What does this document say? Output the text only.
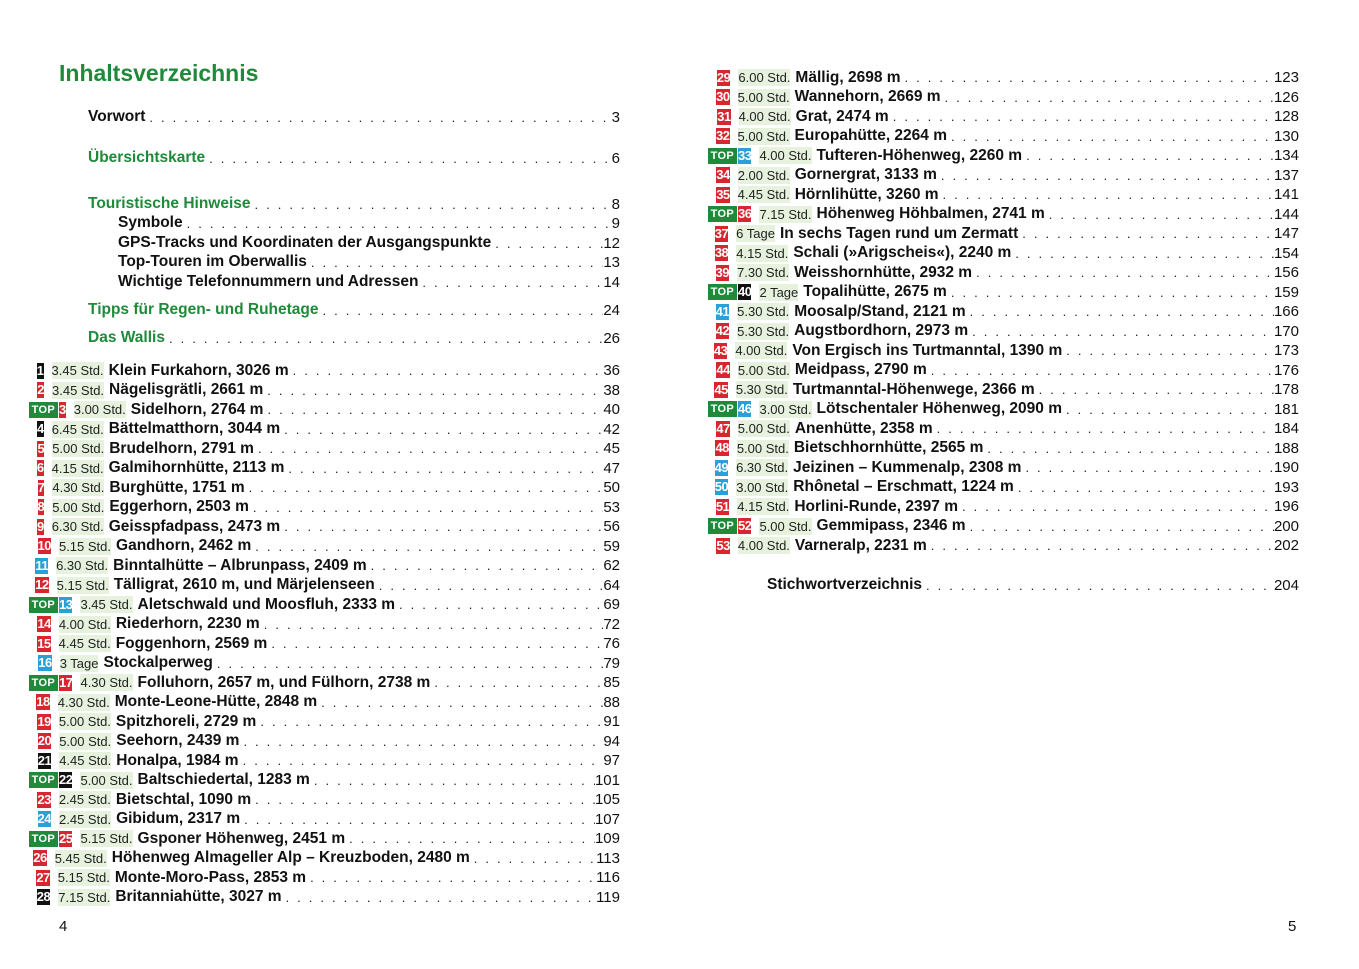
Inhaltsverzeichnis
Vorwort . . .	3
Übersichtskarte . . .	6
Touristische Hinweise . . .	8
Symbole . . .	9
GPS-Tracks und Koordinaten der Ausgangspunkte . . .	12
Top-Touren im Oberwallis . . .	13
Wichtige Telefonnummern und Adressen . . .	14
Tipps für Regen- und Ruhetage . . .	24
Das Wallis . . .	26
1 3.45 Std. Klein Furkahorn, 3026 m . . .	36
2 3.45 Std. Nägelisgrätli, 2661 m . . .	38
TOP 3 3.00 Std. Sidelhorn, 2764 m . . .	40
4 6.45 Std. Bättelmatthorn, 3044 m . . .	42
5 5.00 Std. Brudelhorn, 2791 m . . .	45
6 4.15 Std. Galmihornhütte, 2113 m . . .	47
7 4.30 Std. Burghütte, 1751 m . . .	50
8 5.00 Std. Eggerhorn, 2503 m . . .	53
9 6.30 Std. Geisspfadpass, 2473 m . . .	56
10 5.15 Std. Gandhorn, 2462 m . . .	59
11 6.30 Std. Binntalhütte – Albrunpass, 2409 m . . .	62
12 5.15 Std. Tälligrat, 2610 m, und Märjelenseen . . .	64
TOP 13 3.45 Std. Aletschwald und Moosfluh, 2333 m . . .	69
14 4.00 Std. Riederhorn, 2230 m . . .	72
15 4.45 Std. Foggenhorn, 2569 m . . .	76
16 3 Tage Stockalperweg . . .	79
TOP 17 4.30 Std. Folluhorn, 2657 m, und Fülhorn, 2738 m . . .	85
18 4.30 Std. Monte-Leone-Hütte, 2848 m . . .	88
19 5.00 Std. Spitzhoreli, 2729 m . . .	91
20 5.00 Std. Seehorn, 2439 m . . .	94
21 4.45 Std. Honalpa, 1984 m . . .	97
TOP 22 5.00 Std. Baltschiedertal, 1283 m . . .	101
23 2.45 Std. Bietschtal, 1090 m . . .	105
24 2.45 Std. Gibidum, 2317 m . . .	107
TOP 25 5.15 Std. Gsponer Höhenweg, 2451 m . . .	109
26 5.45 Std. Höhenweg Almageller Alp – Kreuzboden, 2480 m . . .	113
27 5.15 Std. Monte-Moro-Pass, 2853 m . . .	116
28 7.15 Std. Britanniahütte, 3027 m . . .	119
29 6.00 Std. Mällig, 2698 m . . .	123
30 5.00 Std. Wannehorn, 2669 m . . .	126
31 4.00 Std. Grat, 2474 m . . .	128
32 5.00 Std. Europahütte, 2264 m . . .	130
TOP 33 4.00 Std. Tufteren-Höhenweg, 2260 m . . .	134
34 2.00 Std. Gornergrat, 3133 m . . .	137
35 4.45 Std. Hörnlihütte, 3260 m . . .	141
TOP 36 7.15 Std. Höhenweg Höhbalmen, 2741 m . . .	144
37 6 Tage In sechs Tagen rund um Zermatt . . .	147
38 4.15 Std. Schali (»Arigscheis«), 2240 m . . .	154
39 7.30 Std. Weisshornhütte, 2932 m . . .	156
TOP 40 2 Tage Topalihütte, 2675 m . . .	159
41 5.30 Std. Moosalp/Stand, 2121 m . . .	166
42 5.30 Std. Augstbordhorn, 2973 m . . .	170
43 4.00 Std. Von Ergisch ins Turtmanntal, 1390 m . . .	173
44 5.00 Std. Meidpass, 2790 m . . .	176
45 5.30 Std. Turtmanntal-Höhenwege, 2366 m . . .	178
TOP 46 3.00 Std. Lötschentaler Höhenweg, 2090 m . . .	181
47 5.00 Std. Anenhütte, 2358 m . . .	184
48 5.00 Std. Bietschhornhütte, 2565 m . . .	188
49 6.30 Std. Jeizinen – Kummenalp, 2308 m . . .	190
50 3.00 Std. Rhônetal – Erschmatt, 1224 m . . .	193
51 4.15 Std. Horlini-Runde, 2397 m . . .	196
TOP 52 5.00 Std. Gemmipass, 2346 m . . .	200
53 4.00 Std. Varneralp, 2231 m . . .	202
Stichwortverzeichnis . . .	204
4	5
